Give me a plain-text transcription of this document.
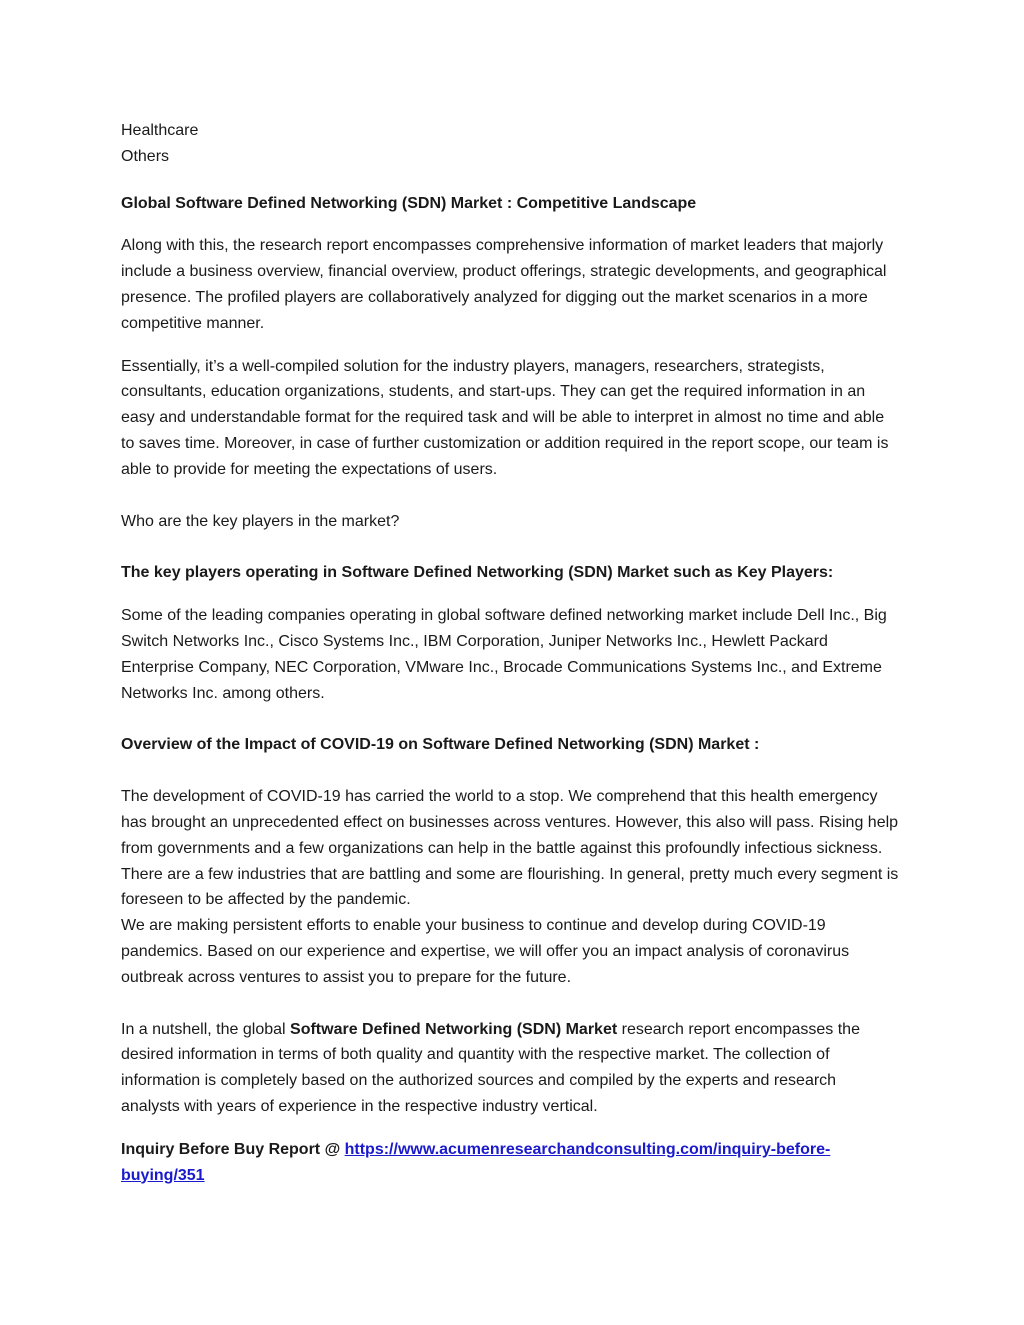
Healthcare
Others

Global Software Defined Networking (SDN) Market : Competitive Landscape

Along with this, the research report encompasses comprehensive information of market leaders that majorly include a business overview, financial overview, product offerings, strategic developments, and geographical presence. The profiled players are collaboratively analyzed for digging out the market scenarios in a more competitive manner.

Essentially, it’s a well-compiled solution for the industry players, managers, researchers, strategists, consultants, education organizations, students, and start-ups. They can get the required information in an easy and understandable format for the required task and will be able to interpret in almost no time and able to saves time. Moreover, in case of further customization or addition required in the report scope, our team is able to provide for meeting the expectations of users.

Who are the key players in the market?

The key players operating in Software Defined Networking (SDN) Market such as Key Players:

Some of the leading companies operating in global software defined networking market include Dell Inc., Big Switch Networks Inc., Cisco Systems Inc., IBM Corporation, Juniper Networks Inc., Hewlett Packard Enterprise Company, NEC Corporation, VMware Inc., Brocade Communications Systems Inc., and Extreme Networks Inc. among others.

Overview of the Impact of COVID-19 on Software Defined Networking (SDN) Market :

The development of COVID-19 has carried the world to a stop. We comprehend that this health emergency has brought an unprecedented effect on businesses across ventures. However, this also will pass. Rising help from governments and a few organizations can help in the battle against this profoundly infectious sickness. There are a few industries that are battling and some are flourishing. In general, pretty much every segment is foreseen to be affected by the pandemic.

We are making persistent efforts to enable your business to continue and develop during COVID-19 pandemics. Based on our experience and expertise, we will offer you an impact analysis of coronavirus outbreak across ventures to assist you to prepare for the future.

In a nutshell, the global Software Defined Networking (SDN) Market research report encompasses the desired information in terms of both quality and quantity with the respective market. The collection of information is completely based on the authorized sources and compiled by the experts and research analysts with years of experience in the respective industry vertical.

Inquiry Before Buy Report @ https://www.acumenresearchandconsulting.com/inquiry-before-buying/351
